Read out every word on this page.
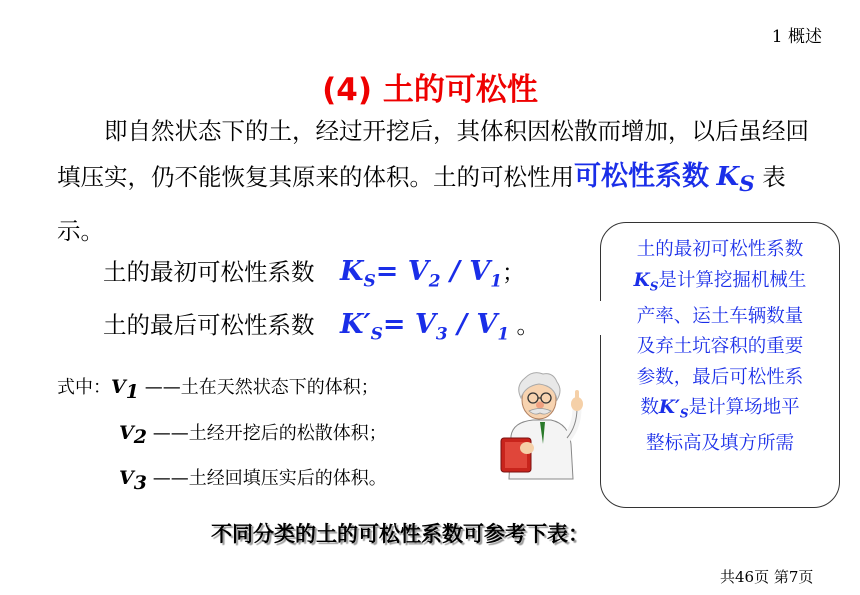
1 概述
(4) 土的可松性
即自然状态下的土，经过开挖后，其体积因松散而增加，以后虽经回填压实，仍不能恢复其原来的体积。土的可松性用可松性系数 $K_S$ 表示。
土的最初可松性系数 $K_S= V_2 / V_1$；
土的最后可松性系数 $K'_S= V_3 / V_1$ 。
式中：$V_1$ ——土在天然状态下的体积；
$V_2$ ——土经开挖后的松散体积；
$V_3$ ——土经回填压实后的体积。
不同分类的土的可松性系数可参考下表：
土的最初可松性系数
$K_S$是计算挖掘机械生
产率、运土车辆数量
及弃土坑容积的重要
参数，最后可松性系
数$K'_S$是计算场地平
整标高及填方所需
共46页 第7页
